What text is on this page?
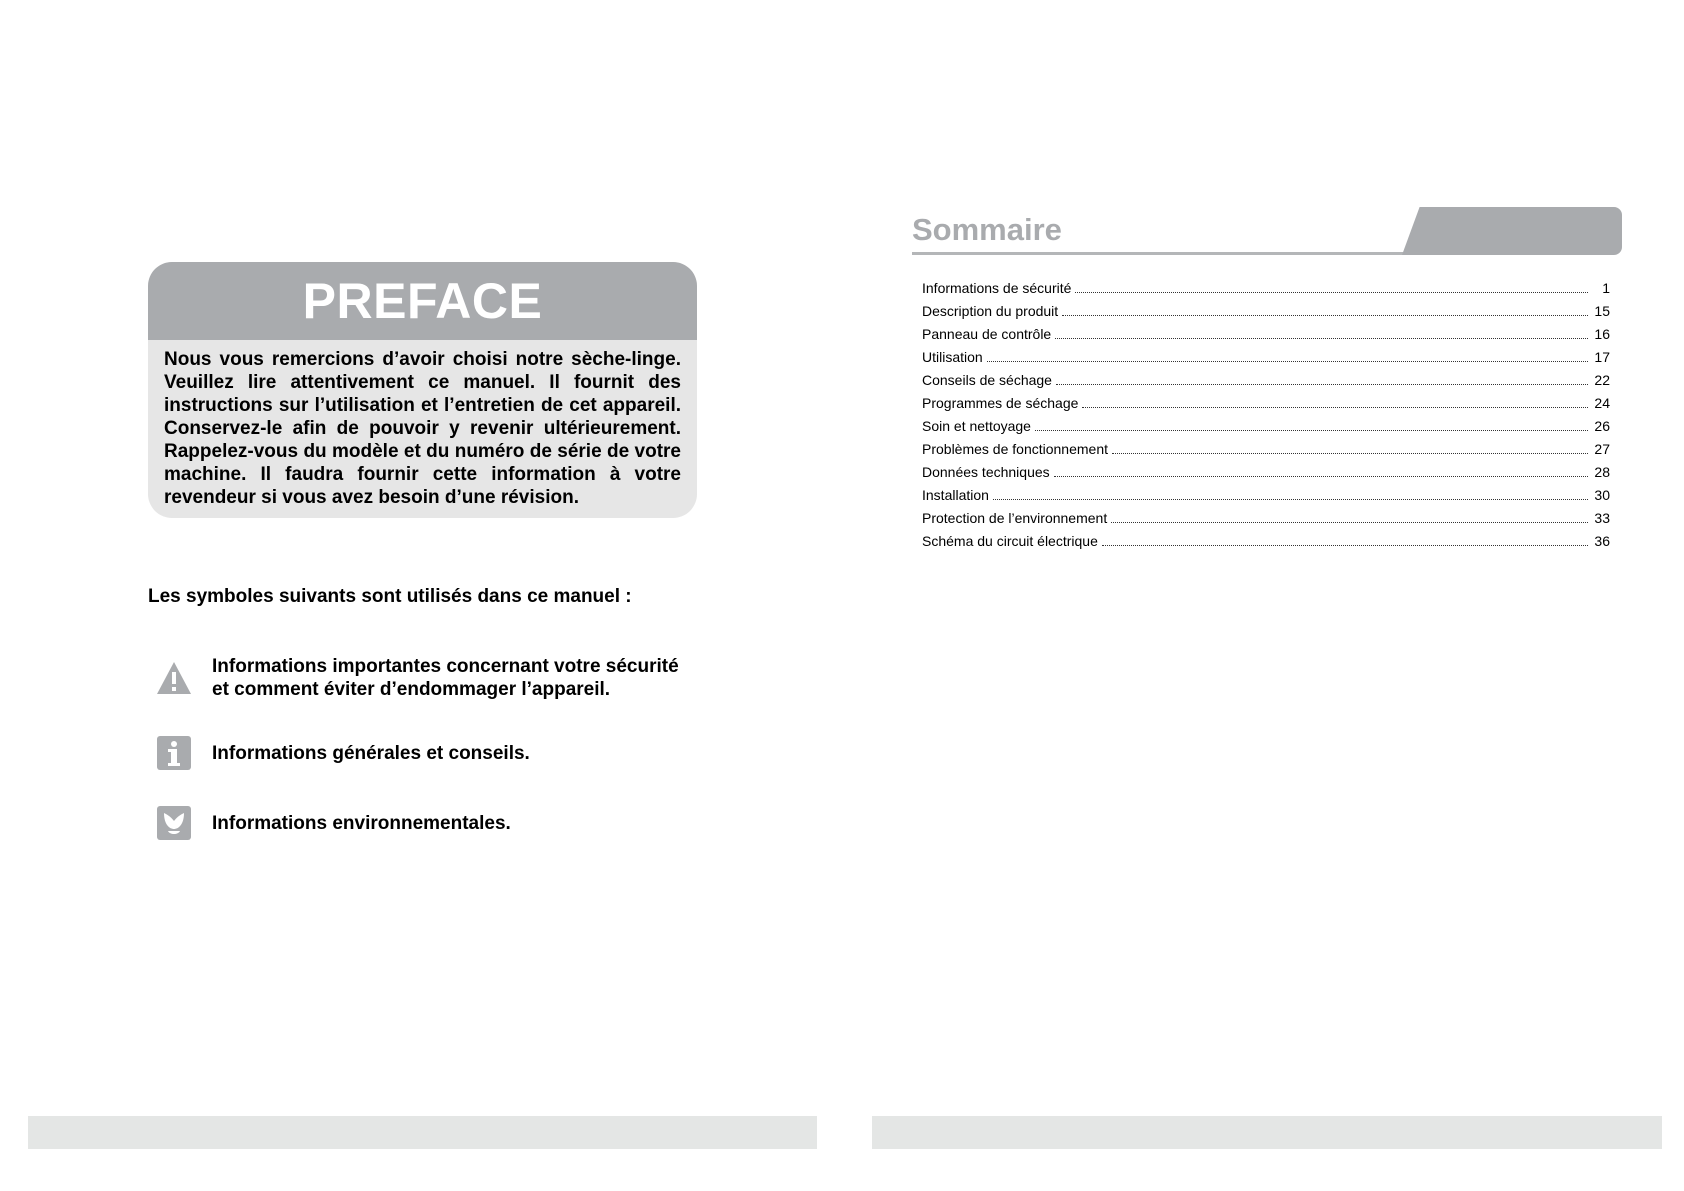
PREFACE

Nous vous remercions d’avoir choisi notre sèche-linge. Veuillez lire attentivement ce manuel. Il fournit des instructions sur l’utilisation et l’entretien de cet appareil. Conservez-le afin de pouvoir y revenir ultérieurement. Rappelez-vous du modèle et du numéro de série de votre machine. Il faudra fournir cette information à votre revendeur si vous avez besoin d’une révision.

Les symboles suivants sont utilisés dans ce manuel :

Informations importantes concernant votre sécurité et comment éviter d’endommager l’appareil.
Informations générales et conseils.
Informations environnementales.
Sommaire
Informations de sécurité	1
Description du produit	15
Panneau de contrôle	16
Utilisation	17
Conseils de séchage	22
Programmes de séchage	24
Soin et nettoyage	26
Problèmes de fonctionnement	27
Données techniques	28
Installation	30
Protection de l’environnement	33
Schéma du circuit électrique	36
